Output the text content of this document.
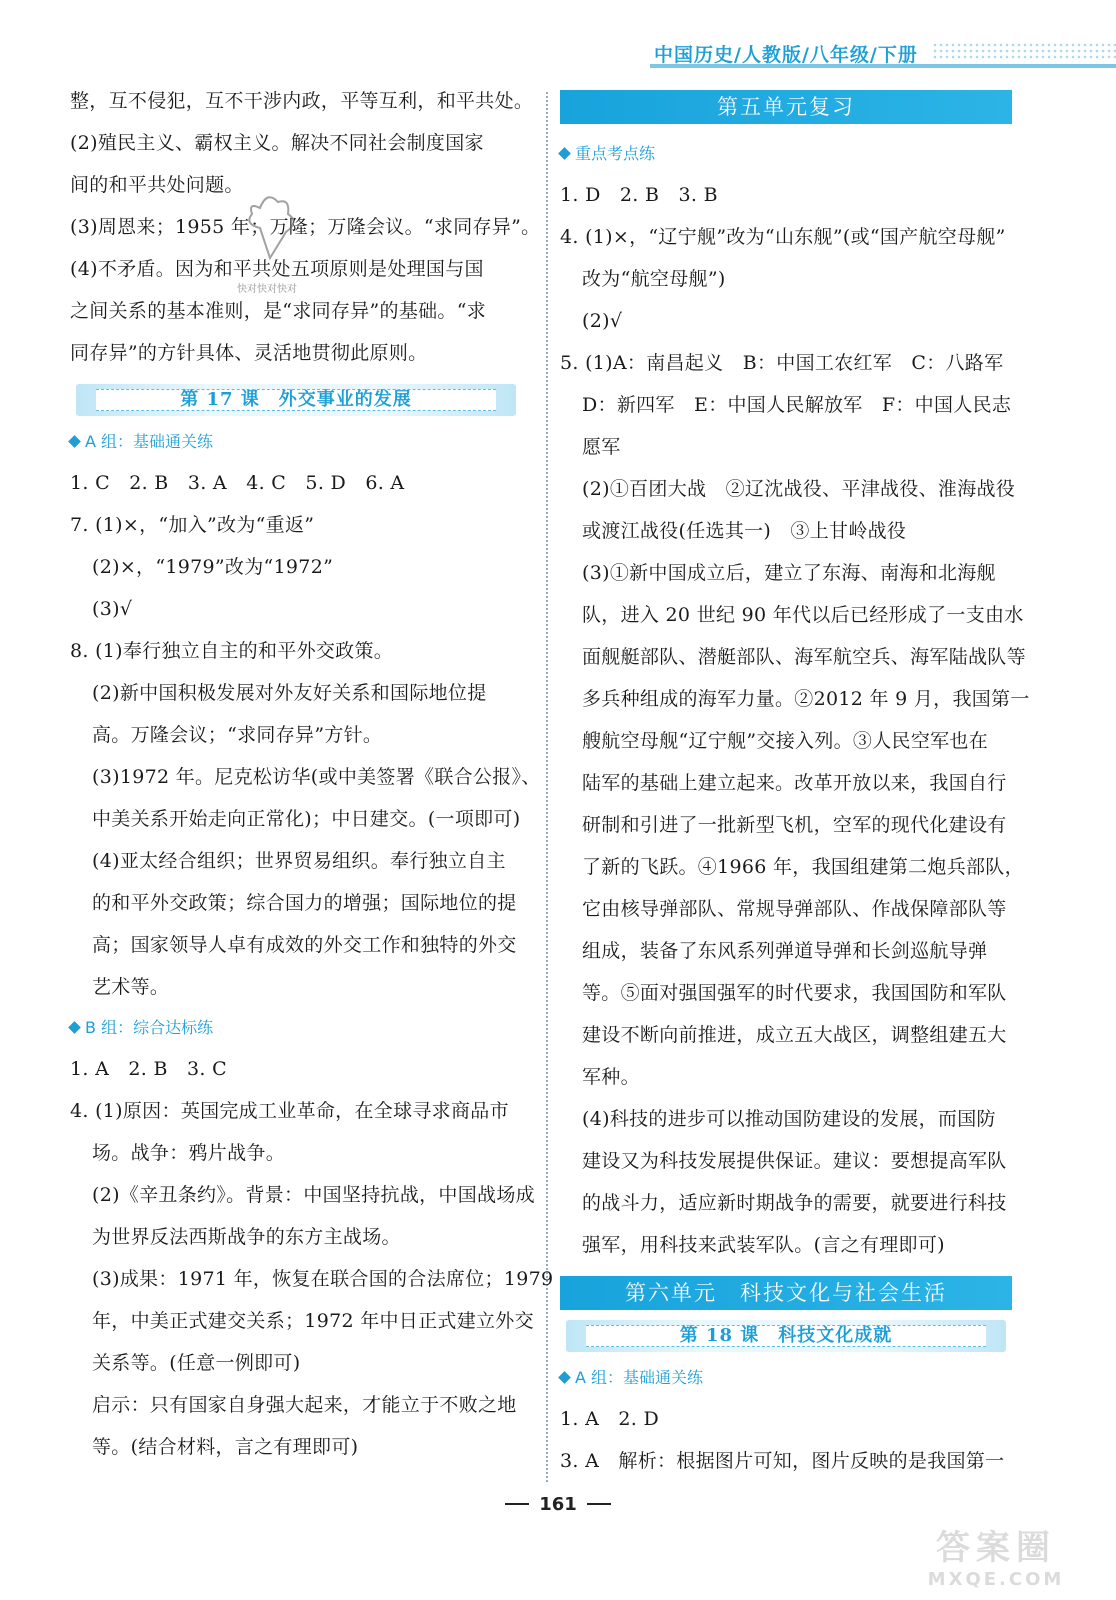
中国历史/人教版/八年级/下册
整，互不侵犯，互不干涉内政，平等互利，和平共处。
(2)殖民主义、霸权主义。解决不同社会制度国家
间的和平共处问题。
(3)周恩来；1955 年；万隆；万隆会议。“求同存异”。
(4)不矛盾。因为和平共处五项原则是处理国与国
之间关系的基本准则，是“求同存异”的基础。“求
同存异”的方针具体、灵活地贯彻此原则。
第 17 课　外交事业的发展
A 组：基础通关练
1. C　2. B　3. A　4. C　5. D　6. A
7. (1)×，“加入”改为“重返”
(2)×，“1979”改为“1972”
(3)√
8. (1)奉行独立自主的和平外交政策。
(2)新中国积极发展对外友好关系和国际地位提
高。万隆会议；“求同存异”方针。
(3)1972 年。尼克松访华(或中美签署《联合公报》、
中美关系开始走向正常化)；中日建交。(一项即可)
(4)亚太经合组织；世界贸易组织。奉行独立自主
的和平外交政策；综合国力的增强；国际地位的提
高；国家领导人卓有成效的外交工作和独特的外交
艺术等。
B 组：综合达标练
1. A　2. B　3. C
4. (1)原因：英国完成工业革命，在全球寻求商品市
场。战争：鸦片战争。
(2)《辛丑条约》。背景：中国坚持抗战，中国战场成
为世界反法西斯战争的东方主战场。
(3)成果：1971 年，恢复在联合国的合法席位；1979
年，中美正式建交关系；1972 年中日正式建立外交
关系等。(任意一例即可)
启示：只有国家自身强大起来，才能立于不败之地
等。(结合材料，言之有理即可)
第五单元复习
重点考点练
1. D　2. B　3. B
4. (1)×，“辽宁舰”改为“山东舰”(或“国产航空母舰”
改为“航空母舰”)
(2)√
5. (1)A：南昌起义　B：中国工农红军　C：八路军
D：新四军　E：中国人民解放军　F：中国人民志
愿军
(2)①百团大战　②辽沈战役、平津战役、淮海战役
或渡江战役(任选其一)　③上甘岭战役
(3)①新中国成立后，建立了东海、南海和北海舰
队，进入 20 世纪 90 年代以后已经形成了一支由水
面舰艇部队、潜艇部队、海军航空兵、海军陆战队等
多兵种组成的海军力量。②2012 年 9 月，我国第一
艘航空母舰“辽宁舰”交接入列。③人民空军也在
陆军的基础上建立起来。改革开放以来，我国自行
研制和引进了一批新型飞机，空军的现代化建设有
了新的飞跃。④1966 年，我国组建第二炮兵部队，
它由核导弹部队、常规导弹部队、作战保障部队等
组成，装备了东风系列弹道导弹和长剑巡航导弹
等。⑤面对强国强军的时代要求，我国国防和军队
建设不断向前推进，成立五大战区，调整组建五大
军种。
(4)科技的进步可以推动国防建设的发展，而国防
建设又为科技发展提供保证。建议：要想提高军队
的战斗力，适应新时期战争的需要，就要进行科技
强军，用科技来武装军队。(言之有理即可)
第六单元　科技文化与社会生活
第 18 课　科技文化成就
A 组：基础通关练
1. A　2. D
3. A　解析：根据图片可知，图片反映的是我国第一
快对快对快对
161
答案圈
MXQE.COM
